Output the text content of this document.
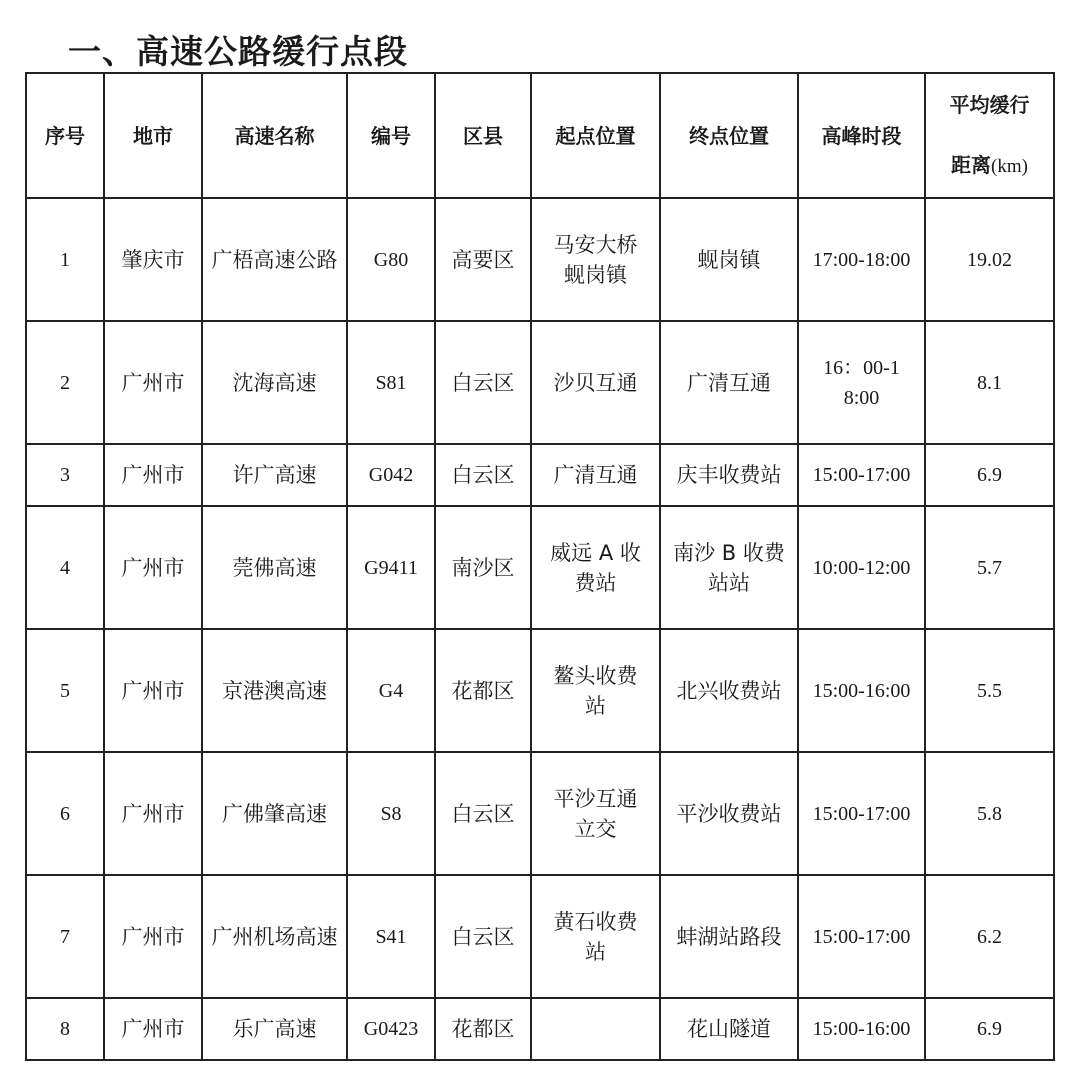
一、高速公路缓行点段
序号	地市	高速名称	编号	区县	起点位置	终点位置	高峰时段	平均缓行
距离(km)
1	肇庆市	广梧高速公路	G80	高要区	马安大桥蚬岗镇	蚬岗镇	17:00-18:00	19.02
2	广州市	沈海高速	S81	白云区	沙贝互通	广清互通	16：00-18:00	8.1
3	广州市	许广高速	G042	白云区	广清互通	庆丰收费站	15:00-17:00	6.9
4	广州市	莞佛高速	G9411	南沙区	威远 A 收费站	南沙 B 收费站站	10:00-12:00	5.7
5	广州市	京港澳高速	G4	花都区	鳌头收费站	北兴收费站	15:00-16:00	5.5
6	广州市	广佛肇高速	S8	白云区	平沙互通立交	平沙收费站	15:00-17:00	5.8
7	广州市	广州机场高速	S41	白云区	黄石收费站	蚌湖站路段	15:00-17:00	6.2
8	广州市	乐广高速	G0423	花都区		花山隧道	15:00-16:00	6.9
